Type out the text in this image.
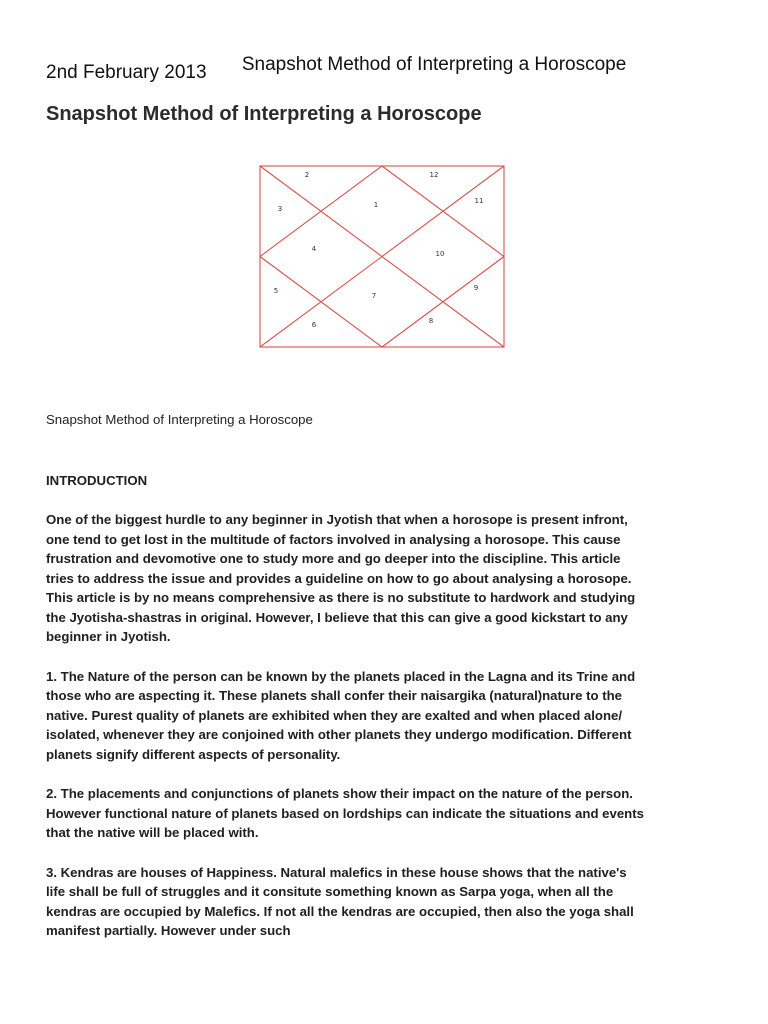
2nd February 2013 Snapshot Method of Interpreting a Horoscope
Snapshot Method of Interpreting a Horoscope
1
2
3
4
5
6
7
8
9
10
11
12

Snapshot Method of Interpreting a Horoscope

INTRODUCTION

One of the biggest hurdle to any beginner in Jyotish that when a horosope is present infront, one tend to get lost in the multitude of factors involved in analysing a horosope. This cause frustration and devomotive one to study more and go deeper into the discipline. This article tries to address the issue and provides a guideline on how to go about analysing a horosope. This article is by no means comprehensive as there is no substitute to hardwork and studying the Jyotisha-shastras in original. However, I believe that this can give a good kickstart to any beginner in Jyotish.

1. The Nature of the person can be known by the planets placed in the Lagna and its Trine and those who are aspecting it. These planets shall confer their naisargika (natural)nature to the native. Purest quality of planets are exhibited when they are exalted and when placed alone/ isolated, whenever they are conjoined with other planets they undergo modification. Different planets signify different aspects of personality.

2. The placements and conjunctions of planets show their impact on the nature of the person. However functional nature of planets based on lordships can indicate the situations and events that the native will be placed with.

3. Kendras are houses of Happiness. Natural malefics in these house shows that the native's life shall be full of struggles and it consitute something known as Sarpa yoga, when all the kendras are occupied by Malefics. If not all the kendras are occupied, then also the yoga shall manifest partially. However under such
